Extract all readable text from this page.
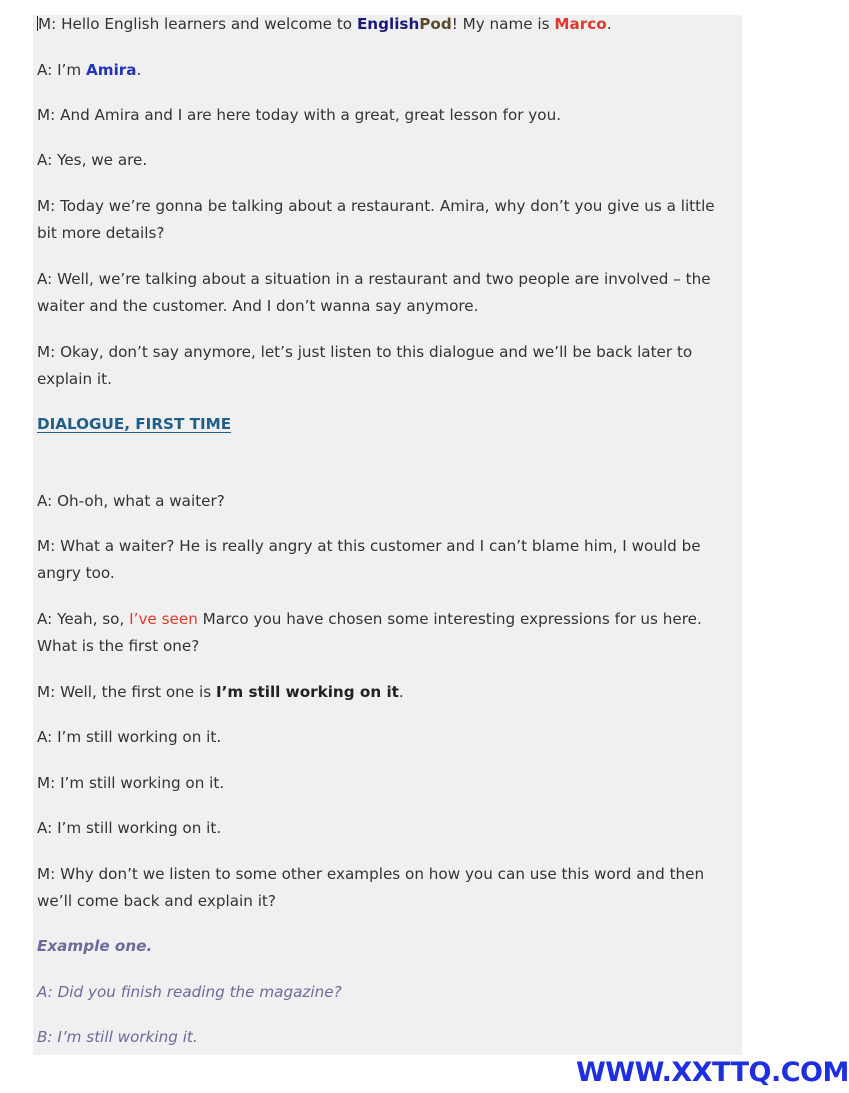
M: Hello English learners and welcome to EnglishPod! My name is Marco.

A: I’m Amira.

M: And Amira and I are here today with a great, great lesson for you.

A: Yes, we are.

M: Today we’re gonna be talking about a restaurant. Amira, why don’t you give us a little bit more details?

A: Well, we’re talking about a situation in a restaurant and two people are involved – the waiter and the customer. And I don’t wanna say anymore.

M: Okay, don’t say anymore, let’s just listen to this dialogue and we’ll be back later to explain it.

DIALOGUE, FIRST TIME

A: Oh-oh, what a waiter?

M: What a waiter? He is really angry at this customer and I can’t blame him, I would be angry too.

A: Yeah, so, I’ve seen Marco you have chosen some interesting expressions for us here. What is the first one?

M: Well, the first one is I’m still working on it.

A: I’m still working on it.

M: I’m still working on it.

A: I’m still working on it.

M: Why don’t we listen to some other examples on how you can use this word and then we’ll come back and explain it?

Example one.

A: Did you finish reading the magazine?

B: I’m still working it.

WWW.XXTTQ.COM
